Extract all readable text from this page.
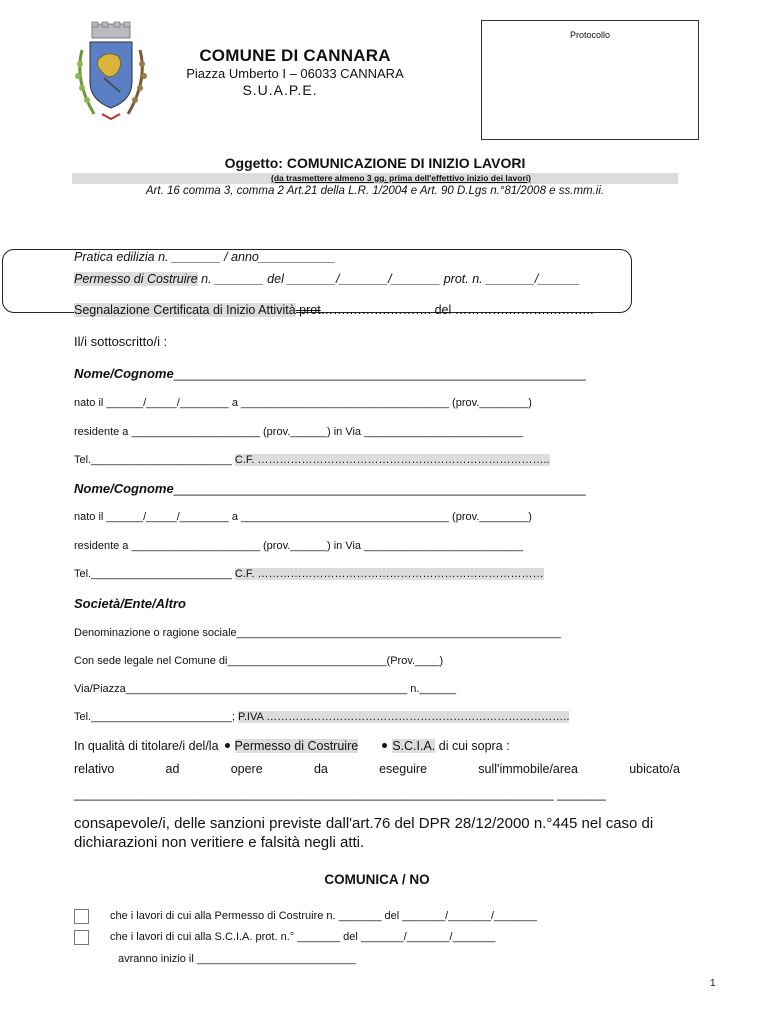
COMUNE DI CANNARA
Piazza Umberto I – 06033 CANNARA
S.U.A.P.E.
Protocollo
Oggetto: COMUNICAZIONE DI INIZIO LAVORI
(da trasmettere almeno 3 gg. prima dell'effettivo inizio dei lavori)
Art. 16 comma 3, comma 2 Art.21 della L.R. 1/2004 e Art. 90 D.Lgs n.°81/2008 e ss.mm.ii.
Pratica edilizia n. _______ / anno___________
Permesso di Costruire n. _______ del _______/_______/_______ prot. n. _______/______
Segnalazione Certificata di Inizio Attività prot…….……….………. del ………….……….………..
Il/i sottoscritto/i :
Nome/Cognome_________________________________________________________
nato il ______/_____/________ a __________________________________ (prov.________)
residente a _____________________ (prov.______) in Via __________________________
Tel._______________________ C.F. ……………………………………………………………………..
Nome/Cognome_________________________________________________________
nato il ______/_____/________ a __________________________________ (prov.________)
residente a _____________________ (prov.______) in Via __________________________
Tel._______________________ C.F. ……………………………………………………………………
Società/Ente/Altro
Denominazione o ragione sociale_____________________________________________________
Con sede legale nel Comune di__________________________(Prov.____)
Via/Piazza______________________________________________ n.______
Tel._______________________; P.IVA ………………………………………………………………………..
In qualità di titolare/i del/la Permesso di Costruire	S.C.I.A. di cui sopra :
relativo	ad	opere	da	eseguire	sull'immobile/area	ubicato/a
_____________________________________________________________________ _______
consapevole/i, delle sanzioni previste dall'art.76 del DPR 28/12/2000 n.°445 nel caso di dichiarazioni non veritiere e falsità negli atti.
COMUNICA / NO
che i lavori di cui alla Permesso di Costruire n. _______ del _______/_______/_______
che i lavori di cui alla S.C.I.A. prot. n.° _______ del _______/_______/_______
avranno inizio il __________________________
1
